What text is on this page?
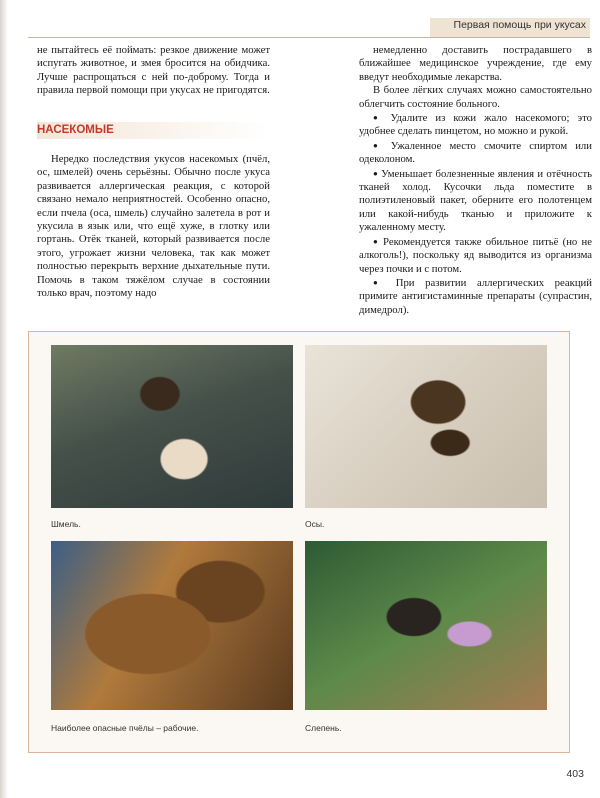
Первая помощь при укусах

не пытайтесь её поймать: резкое движение может испугать животное, и змея бросится на обидчика. Лучше распрощаться с ней по-доброму. Тогда и правила первой помощи при укусах не пригодятся.

НАСЕКОМЫЕ

Нередко последствия укусов насекомых (пчёл, ос, шмелей) очень серьёзны. Обычно после укуса развивается аллергическая реакция, с которой связано немало неприятностей. Особенно опасно, если пчела (оса, шмель) случайно залетела в рот и укусила в язык или, что ещё хуже, в глотку или гортань. Отёк тканей, который развивается после этого, угрожает жизни человека, так как может полностью перекрыть верхние дыхательные пути. Помочь в таком тяжёлом случае в состоянии только врач, поэтому надо

немедленно доставить пострадавшего в ближайшее медицинское учреждение, где ему введут необходимые лекарства.

В более лёгких случаях можно самостоятельно облегчить состояние больного.

● Удалите из кожи жало насекомого; это удобнее сделать пинцетом, но можно и рукой.

● Ужаленное место смочите спиртом или одеколоном.

● Уменьшает болезненные явления и отёчность тканей холод. Кусочки льда поместите в полиэтиленовый пакет, оберните его полотенцем или какой-нибудь тканью и приложите к ужаленному месту.

● Рекомендуется также обильное питьё (но не алкоголь!), поскольку яд выводится из организма через почки и с потом.

● При развитии аллергических реакций примите антигистаминные препараты (супрастин, димедрол).

Шмель.	Осы.
Наиболее опасные пчёлы – рабочие.	Слепень.
403
